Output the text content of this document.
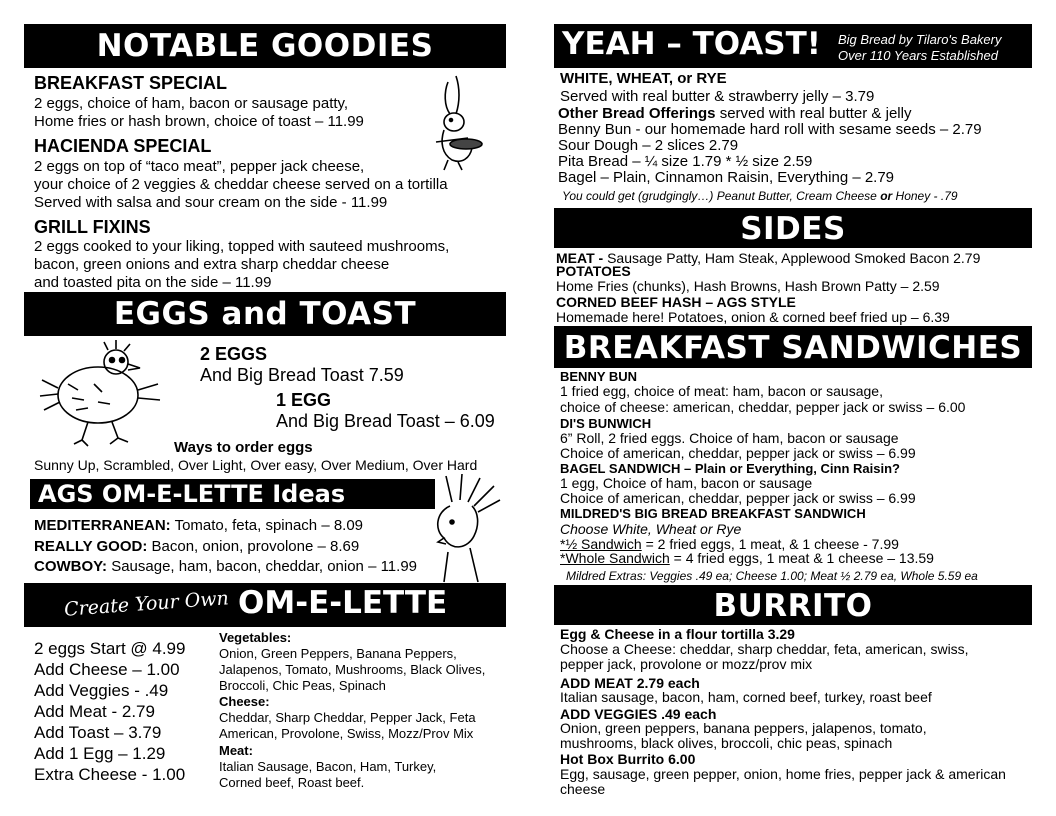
NOTABLE GOODIES
BREAKFAST SPECIAL
2 eggs, choice of ham, bacon or sausage patty,
Home fries or hash brown, choice of toast – 11.99
HACIENDA SPECIAL
2 eggs on top of “taco meat”, pepper jack cheese,
your choice of 2 veggies & cheddar cheese served on a tortilla
Served with salsa and sour cream on the side - 11.99
GRILL FIXINS
2 eggs cooked to your liking, topped with sauteed mushrooms,
bacon, green onions and extra sharp cheddar cheese
and toasted pita on the side – 11.99
EGGS and TOAST
2 EGGS
And Big Bread Toast 7.59
1 EGG
And Big Bread Toast – 6.09
Ways to order eggs
Sunny Up, Scrambled, Over Light, Over easy, Over Medium, Over Hard
AGS OM-E-LETTE Ideas
MEDITERRANEAN: Tomato, feta, spinach – 8.09
REALLY GOOD: Bacon, onion, provolone – 8.69
COWBOY: Sausage, ham, bacon, cheddar, onion – 11.99
Create Your Own OM-E-LETTE
2 eggs Start @ 4.99
Add Cheese – 1.00
Add Veggies - .49
Add Meat - 2.79
Add Toast – 3.79
Add 1 Egg – 1.29
Extra Cheese - 1.00
Vegetables:
Onion, Green Peppers, Banana Peppers,
Jalapenos, Tomato, Mushrooms, Black Olives,
Broccoli, Chic Peas, Spinach
Cheese:
Cheddar, Sharp Cheddar, Pepper Jack, Feta
American, Provolone, Swiss, Mozz/Prov Mix
Meat:
Italian Sausage, Bacon, Ham, Turkey,
Corned beef, Roast beef.
YEAH – TOAST! Big Bread by Tilaro's Bakery
Over 110 Years Established
WHITE, WHEAT, or RYE
Served with real butter & strawberry jelly – 3.79
Other Bread Offerings served with real butter & jelly
Benny Bun - our homemade hard roll with sesame seeds – 2.79
Sour Dough – 2 slices 2.79
Pita Bread – ¼ size 1.79 * ½ size 2.59
Bagel – Plain, Cinnamon Raisin, Everything – 2.79
You could get (grudgingly…) Peanut Butter, Cream Cheese or Honey - .79
SIDES
MEAT - Sausage Patty, Ham Steak, Applewood Smoked Bacon 2.79
POTATOES
Home Fries (chunks), Hash Browns, Hash Brown Patty – 2.59
CORNED BEEF HASH – AGS STYLE
Homemade here! Potatoes, onion & corned beef fried up – 6.39
BREAKFAST SANDWICHES
BENNY BUN
1 fried egg, choice of meat: ham, bacon or sausage,
choice of cheese: american, cheddar, pepper jack or swiss – 6.00
DI'S BUNWICH
6” Roll, 2 fried eggs. Choice of ham, bacon or sausage
Choice of american, cheddar, pepper jack or swiss – 6.99
BAGEL SANDWICH – Plain or Everything, Cinn Raisin?
1 egg, Choice of ham, bacon or sausage
Choice of american, cheddar, pepper jack or swiss – 6.99
MILDRED'S BIG BREAD BREAKFAST SANDWICH
Choose White, Wheat or Rye
*½ Sandwich = 2 fried eggs, 1 meat, & 1 cheese - 7.99
*Whole Sandwich = 4 fried eggs, 1 meat & 1 cheese – 13.59
Mildred Extras: Veggies .49 ea; Cheese 1.00; Meat ½ 2.79 ea, Whole 5.59 ea
BURRITO
Egg & Cheese in a flour tortilla 3.29
Choose a Cheese: cheddar, sharp cheddar, feta, american, swiss,
pepper jack, provolone or mozz/prov mix
ADD MEAT 2.79 each
Italian sausage, bacon, ham, corned beef, turkey, roast beef
ADD VEGGIES .49 each
Onion, green peppers, banana peppers, jalapenos, tomato,
mushrooms, black olives, broccoli, chic peas, spinach
Hot Box Burrito 6.00
Egg, sausage, green pepper, onion, home fries, pepper jack & american
cheese
